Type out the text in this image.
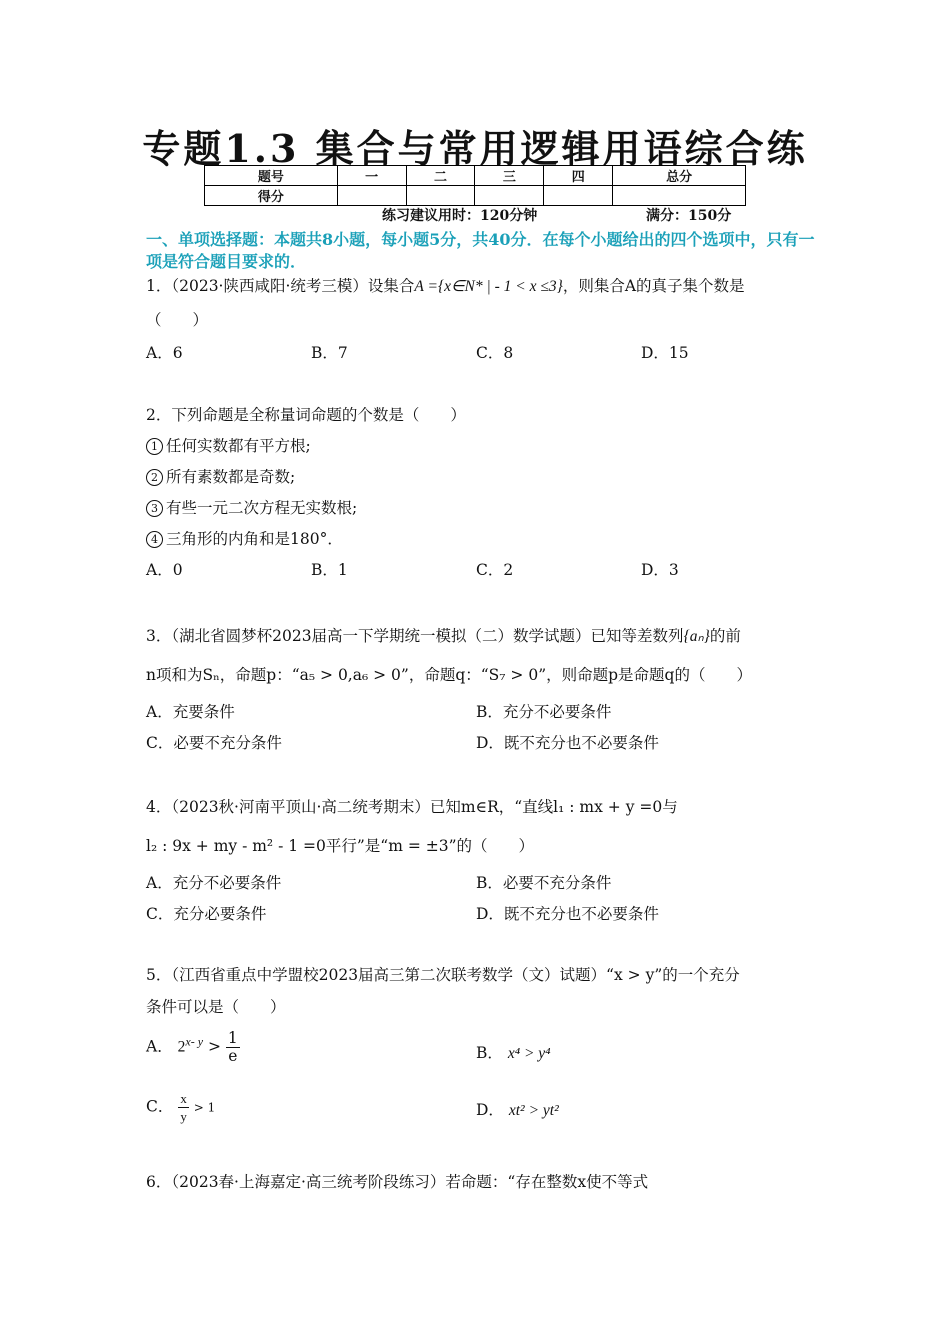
专题1.3 集合与常用逻辑用语综合练
题号	一	二	三	四	总分
得分					
练习建议用时：120分钟	满分：150分
一、单项选择题：本题共8小题，每小题5分，共40分．在每个小题给出的四个选项中，只有一项是符合题目要求的．
1．（2023·陕西咸阳·统考三模）设集合A ={x∈N* | - 1 < x ≤3}，则集合A的真子集个数是
（　　）
A．6	B．7	C．8	D．15
2．下列命题是全称量词命题的个数是（　　）
1 任何实数都有平方根;
2 所有素数都是奇数;
3 有些一元二次方程无实数根;
4 三角形的内角和是180°．
A．0	B．1	C．2	D．3
3．（湖北省圆梦杯2023届高一下学期统一模拟（二）数学试题）已知等差数列{aₙ}的前
n项和为Sₙ，命题p：“a₅ > 0,a₆ > 0”，命题q：“S₇ > 0”，则命题p是命题q的（　　）
A．充要条件	B．充分不必要条件
C．必要不充分条件	D．既不充分也不必要条件
4．（2023秋·河南平顶山·高二统考期末）已知m∈R，“直线l₁ : mx + y =0与
l₂ : 9x + my - m² - 1 =0平行”是“m = ±3”的（　　）
A．充分不必要条件	B．必要不充分条件
C．充分必要条件	D．既不充分也不必要条件
5．（江西省重点中学盟校2023届高三第二次联考数学（文）试题）“x > y”的一个充分
条件可以是（　　）
A． $2^{x- y} > \frac{1}{e}$	B． x⁴ > y⁴
C． $\frac{x}{y} > 1$	D． xt² > yt²
6．（2023春·上海嘉定·高三统考阶段练习）若命题：“存在整数x使不等式
